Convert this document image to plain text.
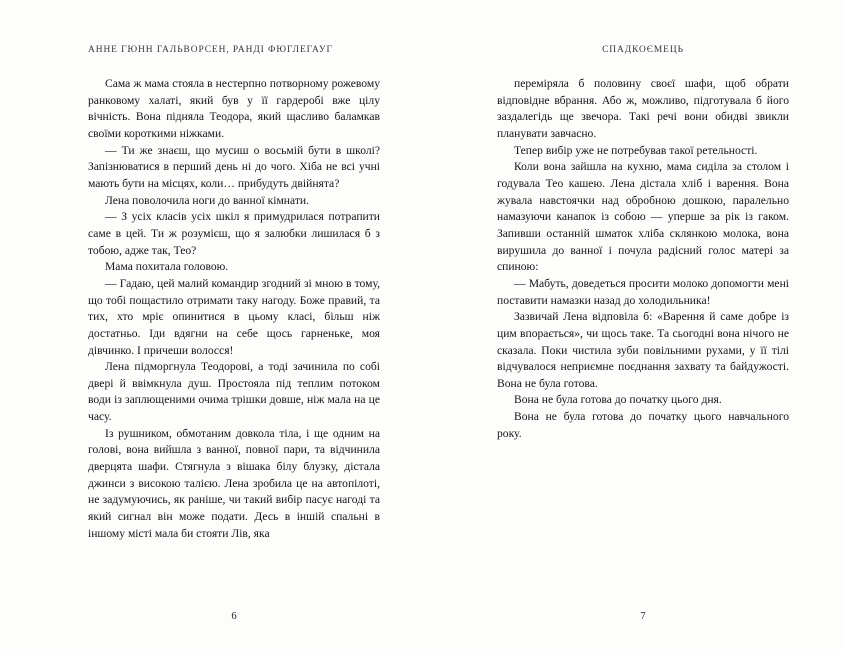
АННЕ ГЮНН ГАЛЬВОРСЕН, РАНДІ ФЮГЛЕГАУГ

Сама ж мама стояла в нестерпно потворному рожевому ранковому халаті, який був у її гардеробі вже цілу вічність. Вона підняла Теодора, який щасливо баламкав своїми короткими ніжками.

— Ти же знаєш, що мусиш о восьмій бути в школі? Запізнюватися в перший день ні до чого. Хіба не всі учні мають бути на місцях, коли… прибудуть двійнята?

Лена поволочила ноги до ванної кімнати.

— З усіх класів усіх шкіл я примудрилася потрапити саме в цей. Ти ж розумієш, що я залюбки лишилася б з тобою, адже так, Тео?

Мама похитала головою.

— Гадаю, цей малий командир згодний зі мною в тому, що тобі пощастило отримати таку нагоду. Боже правий, та тих, хто мріє опинитися в цьому класі, більш ніж достатньо. Іди вдягни на себе щось гарненьке, моя дівчинко. І причеши волосся!

Лена підморгнула Теодорові, а тоді зачинила по собі двері й ввімкнула душ. Простояла під теплим потоком води із заплющеними очима трішки довше, ніж мала на це часу.

Із рушником, обмотаним довкола тіла, і ще одним на голові, вона вийшла з ванної, повної пари, та відчинила дверцята шафи. Стягнула з вішака білу блузку, дістала джинси з високою талією. Лена зробила це на автопілоті, не задумуючись, як раніше, чи такий вибір пасує нагоді та який сигнал він може подати. Десь в іншій спальні в іншому місті мала би стояти Лів, яка

6
СПАДКОЄМЕЦЬ

переміряла б половину своєї шафи, щоб обрати відповідне вбрання. Або ж, можливо, підготувала б його заздалегідь ще звечора. Такі речі вони обидві звикли планувати завчасно.

Тепер вибір уже не потребував такої ретельності.

Коли вона зайшла на кухню, мама сиділа за столом і годувала Тео кашею. Лена дістала хліб і варення. Вона жувала навстоячки над обробною дошкою, паралельно намазуючи канапок із собою — уперше за рік із гаком. Запивши останній шматок хліба склянкою молока, вона вирушила до ванної і почула радісний голос матері за спиною:

— Мабуть, доведеться просити молоко допомогти мені поставити намазки назад до холодильника!

Зазвичай Лена відповіла б: «Варення й саме добре із цим впорається», чи щось таке. Та сьогодні вона нічого не сказала. Поки чистила зуби повільними рухами, у її тілі відчувалося неприємне поєднання захвату та байдужості. Вона не була готова.

Вона не була готова до початку цього дня.

Вона не була готова до початку цього навчального року.

7
